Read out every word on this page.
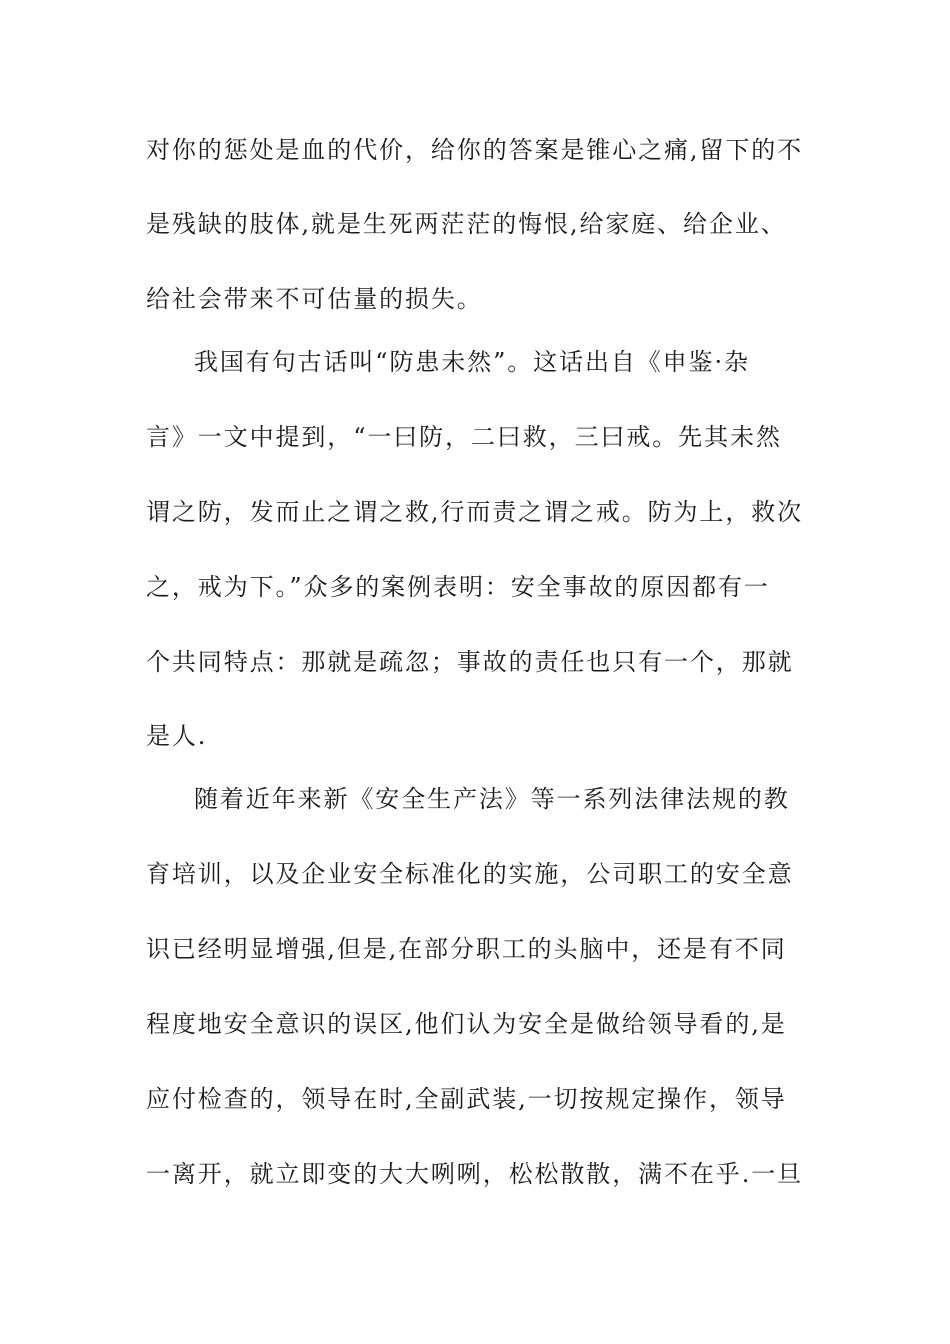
对你的惩处是血的代价，给你的答案是锥心之痛,留下的不
是残缺的肢体,就是生死两茫茫的悔恨,给家庭、给企业、
给社会带来不可估量的损失。
我国有句古话叫“防患未然”。这话出自《申鉴·杂
言》一文中提到，“一曰防，二曰救，三曰戒。先其未然
谓之防，发而止之谓之救,行而责之谓之戒。防为上，救次
之，戒为下。”众多的案例表明：安全事故的原因都有一
个共同特点：那就是疏忽；事故的责任也只有一个，那就
是人.
随着近年来新《安全生产法》等一系列法律法规的教
育培训，以及企业安全标准化的实施，公司职工的安全意
识已经明显增强,但是,在部分职工的头脑中，还是有不同
程度地安全意识的误区,他们认为安全是做给领导看的,是
应付检查的，领导在时,全副武装,一切按规定操作，领导
一离开，就立即变的大大咧咧，松松散散，满不在乎.一旦
